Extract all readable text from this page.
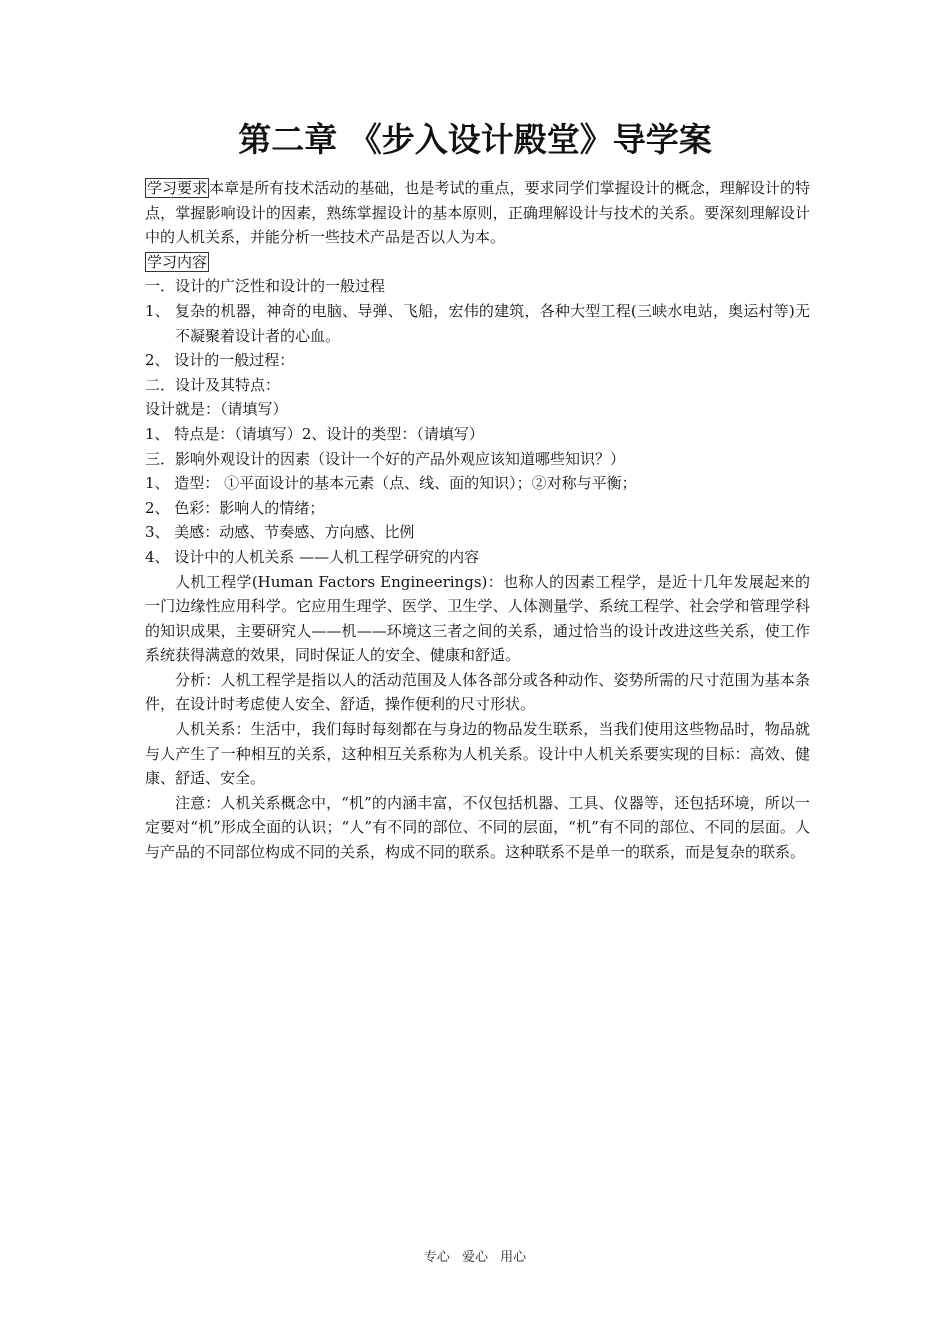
第二章 《步入设计殿堂》导学案

学习要求 本章是所有技术活动的基础，也是考试的重点，要求同学们掌握设计的概念，理解设计的特点，掌握影响设计的因素，熟练掌握设计的基本原则，正确理解设计与技术的关系。要深刻理解设计中的人机关系，并能分析一些技术产品是否以人为本。

学习内容

一．设计的广泛性和设计的一般过程

1、 复杂的机器，神奇的电脑、导弹、飞船，宏伟的建筑，各种大型工程(三峡水电站，奥运村等)无不凝聚着设计者的心血。

2、 设计的一般过程：

二．设计及其特点：

设计就是：（请填写）

1、 特点是：（请填写）2、设计的类型：（请填写）

三．影响外观设计的因素（设计一个好的产品外观应该知道哪些知识？）

1、 造型： ①平面设计的基本元素（点、线、面的知识）；②对称与平衡；

2、 色彩：影响人的情绪；

3、 美感：动感、节奏感、方向感、比例

4、 设计中的人机关系 ——人机工程学研究的内容

人机工程学(Human Factors Engineerings)：也称人的因素工程学，是近十几年发展起来的一门边缘性应用科学。它应用生理学、医学、卫生学、人体测量学、系统工程学、社会学和管理学科的知识成果，主要研究人——机——环境这三者之间的关系，通过恰当的设计改进这些关系，使工作系统获得满意的效果，同时保证人的安全、健康和舒适。

分析：人机工程学是指以人的活动范围及人体各部分或各种动作、姿势所需的尺寸范围为基本条件，在设计时考虑使人安全、舒适，操作便利的尺寸形状。

人机关系：生活中，我们每时每刻都在与身边的物品发生联系，当我们使用这些物品时，物品就与人产生了一种相互的关系，这种相互关系称为人机关系。设计中人机关系要实现的目标：高效、健康、舒适、安全。

注意：人机关系概念中，“机”的内涵丰富，不仅包括机器、工具、仪器等，还包括环境，所以一定要对“机”形成全面的认识；“人”有不同的部位、不同的层面，“机”有不同的部位、不同的层面。人与产品的不同部位构成不同的关系，构成不同的联系。这种联系不是单一的联系，而是复杂的联系。

专心 爱心 用心
